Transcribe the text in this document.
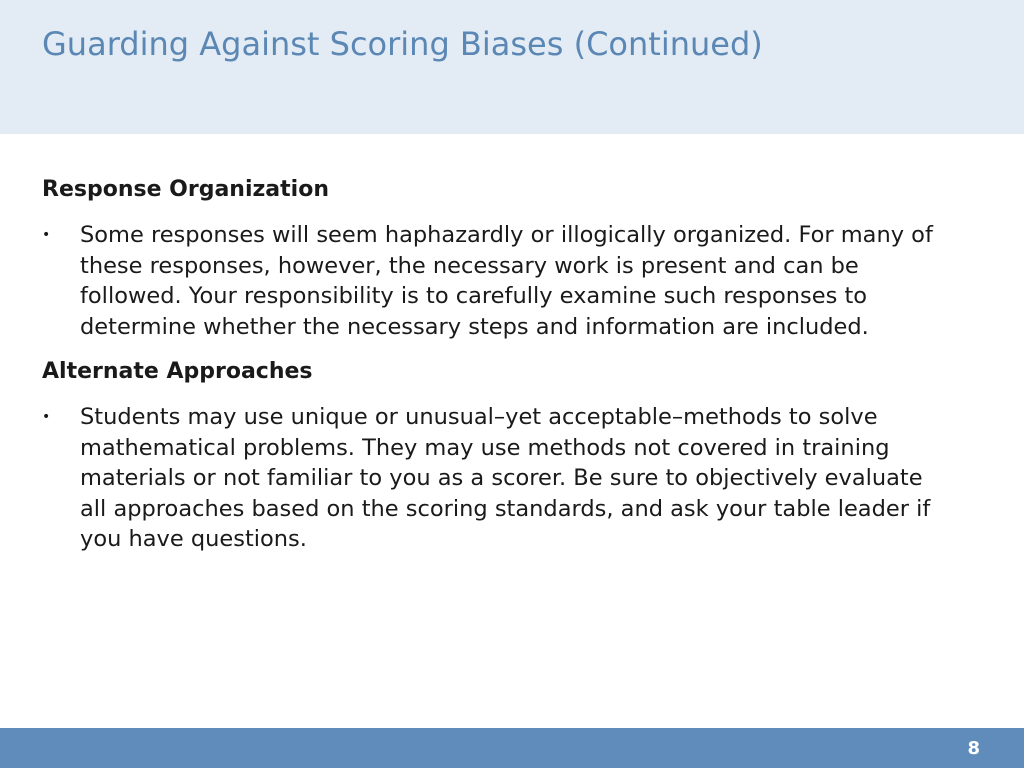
Guarding Against Scoring Biases (Continued)
Response Organization
• Some responses will seem haphazardly or illogically organized. For many of these responses, however, the necessary work is present and can be followed. Your responsibility is to carefully examine such responses to determine whether the necessary steps and information are included.

Alternate Approaches
• Students may use unique or unusual–yet acceptable–methods to solve mathematical problems. They may use methods not covered in training materials or not familiar to you as a scorer. Be sure to objectively evaluate all approaches based on the scoring standards, and ask your table leader if you have questions.

8
